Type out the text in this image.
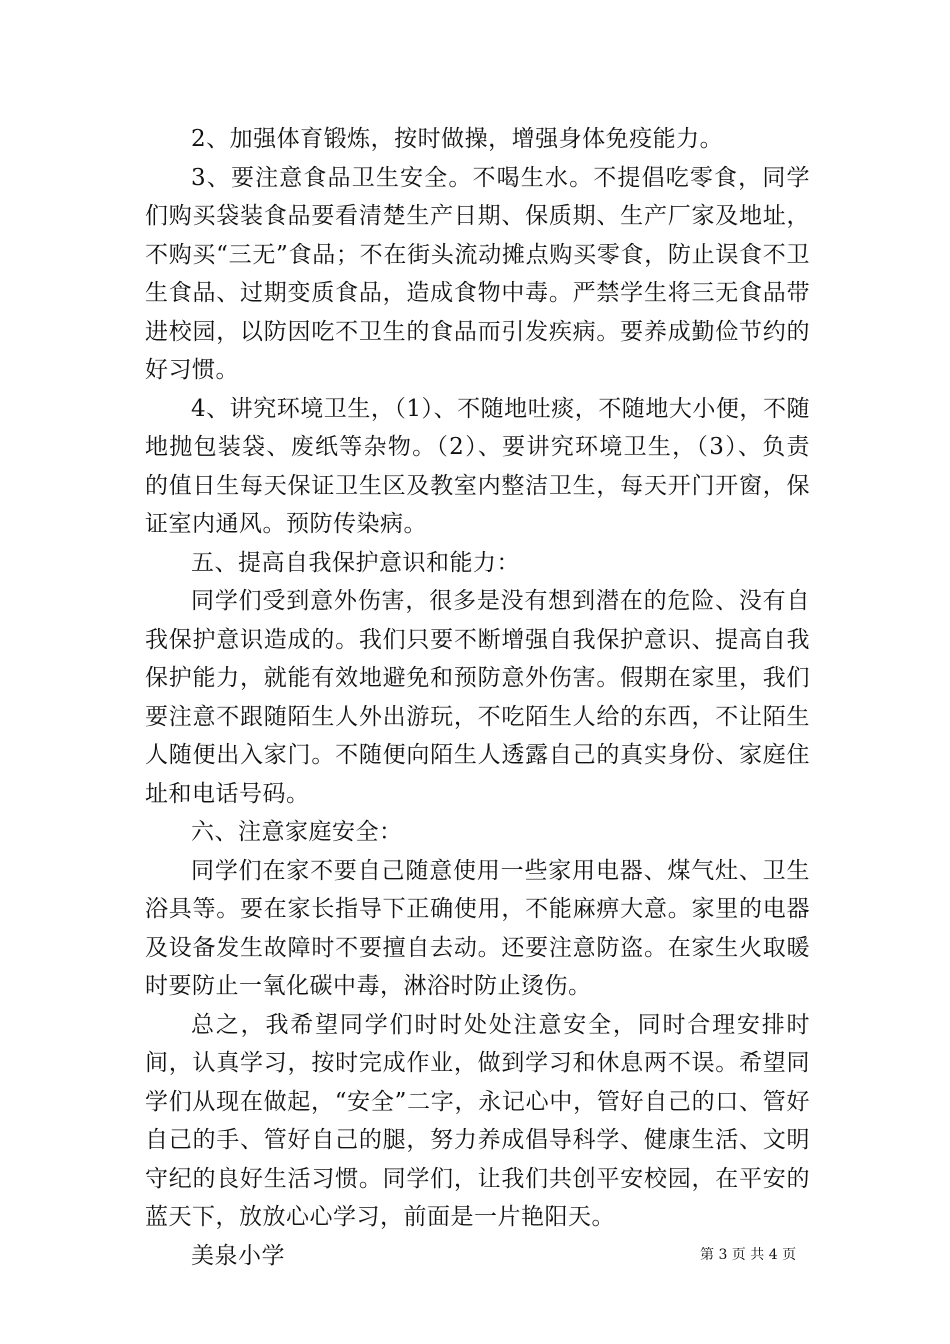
2、加强体育锻炼，按时做操，增强身体免疫能力。

3、要注意食品卫生安全。不喝生水。不提倡吃零食，同学们购买袋装食品要看清楚生产日期、保质期、生产厂家及地址，不购买“三无”食品；不在街头流动摊点购买零食，防止误食不卫生食品、过期变质食品，造成食物中毒。严禁学生将三无食品带进校园，以防因吃不卫生的食品而引发疾病。要养成勤俭节约的好习惯。

4、讲究环境卫生，（1）、不随地吐痰，不随地大小便，不随地抛包装袋、废纸等杂物。（2）、要讲究环境卫生，（3）、负责的值日生每天保证卫生区及教室内整洁卫生，每天开门开窗，保证室内通风。预防传染病。

五、提高自我保护意识和能力：

同学们受到意外伤害，很多是没有想到潜在的危险、没有自我保护意识造成的。我们只要不断增强自我保护意识、提高自我保护能力，就能有效地避免和预防意外伤害。假期在家里，我们要注意不跟随陌生人外出游玩，不吃陌生人给的东西，不让陌生人随便出入家门。不随便向陌生人透露自己的真实身份、家庭住址和电话号码。

六、注意家庭安全：

同学们在家不要自己随意使用一些家用电器、煤气灶、卫生浴具等。要在家长指导下正确使用，不能麻痹大意。家里的电器及设备发生故障时不要擅自去动。还要注意防盗。在家生火取暖时要防止一氧化碳中毒，淋浴时防止烫伤。

总之，我希望同学们时时处处注意安全，同时合理安排时间，认真学习，按时完成作业，做到学习和休息两不误。希望同学们从现在做起，“安全”二字，永记心中，管好自己的口、管好自己的手、管好自己的腿，努力养成倡导科学、健康生活、文明守纪的良好生活习惯。同学们，让我们共创平安校园，在平安的蓝天下，放放心心学习，前面是一片艳阳天。

美泉小学	第 3 页 共 4 页
